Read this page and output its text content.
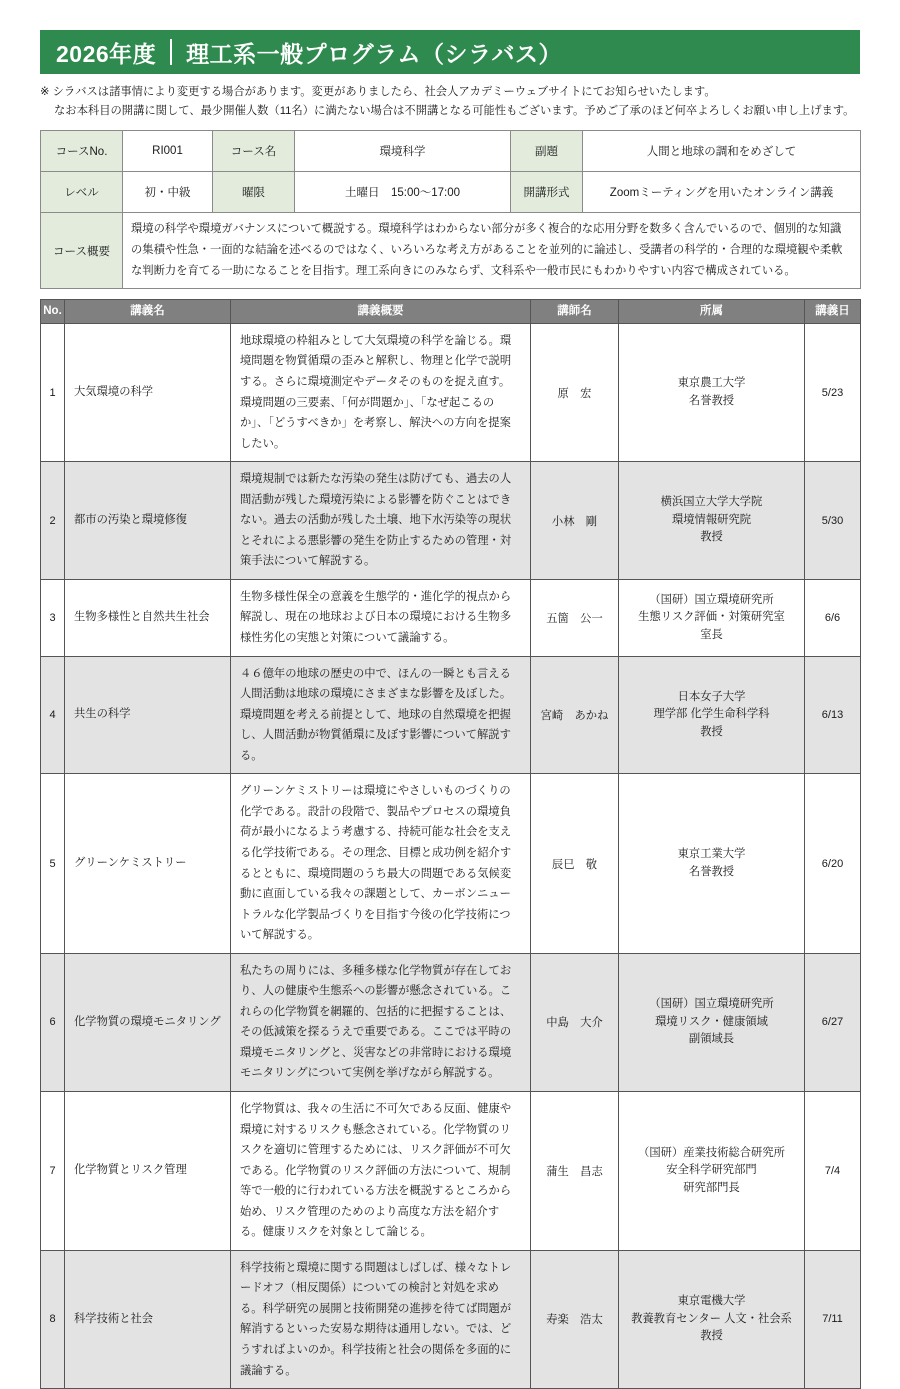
2026年度 理工系一般プログラム（シラバス）
※ シラバスは諸事情により変更する場合があります。変更がありましたら、社会人アカデミーウェブサイトにてお知らせいたします。
なお本科目の開講に関して、最少開催人数（11名）に満たない場合は不開講となる可能性もございます。予めご了承のほど何卒よろしくお願い申し上げます。
コースNo.	RI001	コース名	環境科学	副題	人間と地球の調和をめざして
レベル	初・中級	曜限	土曜日　15:00～17:00	開講形式	Zoomミーティングを用いたオンライン講義
コース概要	環境の科学や環境ガバナンスについて概説する。環境科学はわからない部分が多く複合的な応用分野を数多く含んでいるので、個別的な知識の集積や性急・一面的な結論を述べるのではなく、いろいろな考え方があることを並列的に論述し、受講者の科学的・合理的な環境観や柔軟な判断力を育てる一助になることを目指す。理工系向きにのみならず、文科系や一般市民にもわかりやすい内容で構成されている。				
No.	講義名	講義概要	講師名	所属	講義日
1	大気環境の科学	地球環境の枠組みとして大気環境の科学を論じる。環境問題を物質循環の歪みと解釈し、物理と化学で説明する。さらに環境測定やデータそのものを捉え直す。環境問題の三要素、「何が問題か」、「なぜ起こるのか」、「どうすべきか」を考察し、解決への方向を提案したい。	原　宏	東京農工大学
名誉教授	5/23
2	都市の汚染と環境修復	環境規制では新たな汚染の発生は防げても、過去の人間活動が残した環境汚染による影響を防ぐことはできない。過去の活動が残した土壌、地下水汚染等の現状とそれによる悪影響の発生を防止するための管理・対策手法について解説する。	小林　剛	横浜国立大学大学院
環境情報研究院
教授	5/30
3	生物多様性と自然共生社会	生物多様性保全の意義を生態学的・進化学的視点から解説し、現在の地球および日本の環境における生物多様性劣化の実態と対策について議論する。	五箇　公一	（国研）国立環境研究所
生態リスク評価・対策研究室
室長	6/6
4	共生の科学	４６億年の地球の歴史の中で、ほんの一瞬とも言える人間活動は地球の環境にさまざまな影響を及ぼした。環境問題を考える前提として、地球の自然環境を把握し、人間活動が物質循環に及ぼす影響について解説する。	宮崎　あかね	日本女子大学
理学部 化学生命科学科
教授	6/13
5	グリーンケミストリー	グリーンケミストリーは環境にやさしいものづくりの化学である。設計の段階で、製品やプロセスの環境負荷が最小になるよう考慮する、持続可能な社会を支える化学技術である。その理念、目標と成功例を紹介するとともに、環境問題のうち最大の問題である気候変動に直面している我々の課題として、カーボンニュートラルな化学製品づくりを目指す今後の化学技術について解説する。	辰巳　敬	東京工業大学
名誉教授	6/20
6	化学物質の環境モニタリング	私たちの周りには、多種多様な化学物質が存在しており、人の健康や生態系への影響が懸念されている。これらの化学物質を網羅的、包括的に把握することは、その低減策を探るうえで重要である。ここでは平時の環境モニタリングと、災害などの非常時における環境モニタリングについて実例を挙げながら解説する。	中島　大介	（国研）国立環境研究所
環境リスク・健康領域
副領域長	6/27
7	化学物質とリスク管理	化学物質は、我々の生活に不可欠である反面、健康や環境に対するリスクも懸念されている。化学物質のリスクを適切に管理するためには、リスク評価が不可欠である。化学物質のリスク評価の方法について、規制等で一般的に行われている方法を概説するところから始め、リスク管理のためのより高度な方法を紹介する。健康リスクを対象として論じる。	蒲生　昌志	（国研）産業技術総合研究所
安全科学研究部門
研究部門長	7/4
8	科学技術と社会	科学技術と環境に関する問題はしばしば、様々なトレードオフ（相反関係）についての検討と対処を求める。科学研究の展開と技術開発の進捗を待てば問題が解消するといった安易な期待は通用しない。では、どうすればよいのか。科学技術と社会の関係を多面的に議論する。	寿楽　浩太	東京電機大学
教養教育センター 人文・社会系
教授	7/11
